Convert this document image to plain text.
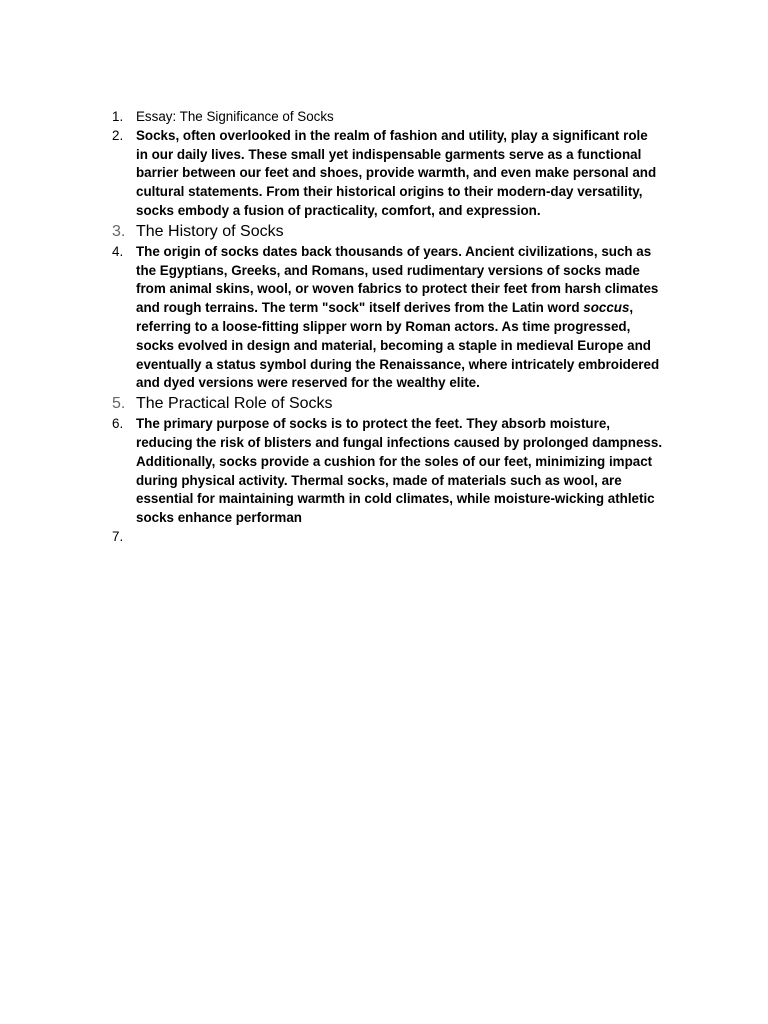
1. Essay: The Significance of Socks
2. Socks, often overlooked in the realm of fashion and utility, play a significant role
in our daily lives. These small yet indispensable garments serve as a functional
barrier between our feet and shoes, provide warmth, and even make personal and
cultural statements. From their historical origins to their modern-day versatility,
socks embody a fusion of practicality, comfort, and expression.
3. The History of Socks
4. The origin of socks dates back thousands of years. Ancient civilizations, such as
the Egyptians, Greeks, and Romans, used rudimentary versions of socks made
from animal skins, wool, or woven fabrics to protect their feet from harsh climates
and rough terrains. The term "sock" itself derives from the Latin word soccus,
referring to a loose-fitting slipper worn by Roman actors. As time progressed,
socks evolved in design and material, becoming a staple in medieval Europe and
eventually a status symbol during the Renaissance, where intricately embroidered
and dyed versions were reserved for the wealthy elite.
5. The Practical Role of Socks
6. The primary purpose of socks is to protect the feet. They absorb moisture,
reducing the risk of blisters and fungal infections caused by prolonged dampness.
Additionally, socks provide a cushion for the soles of our feet, minimizing impact
during physical activity. Thermal socks, made of materials such as wool, are
essential for maintaining warmth in cold climates, while moisture-wicking athletic
socks enhance performan
7.
